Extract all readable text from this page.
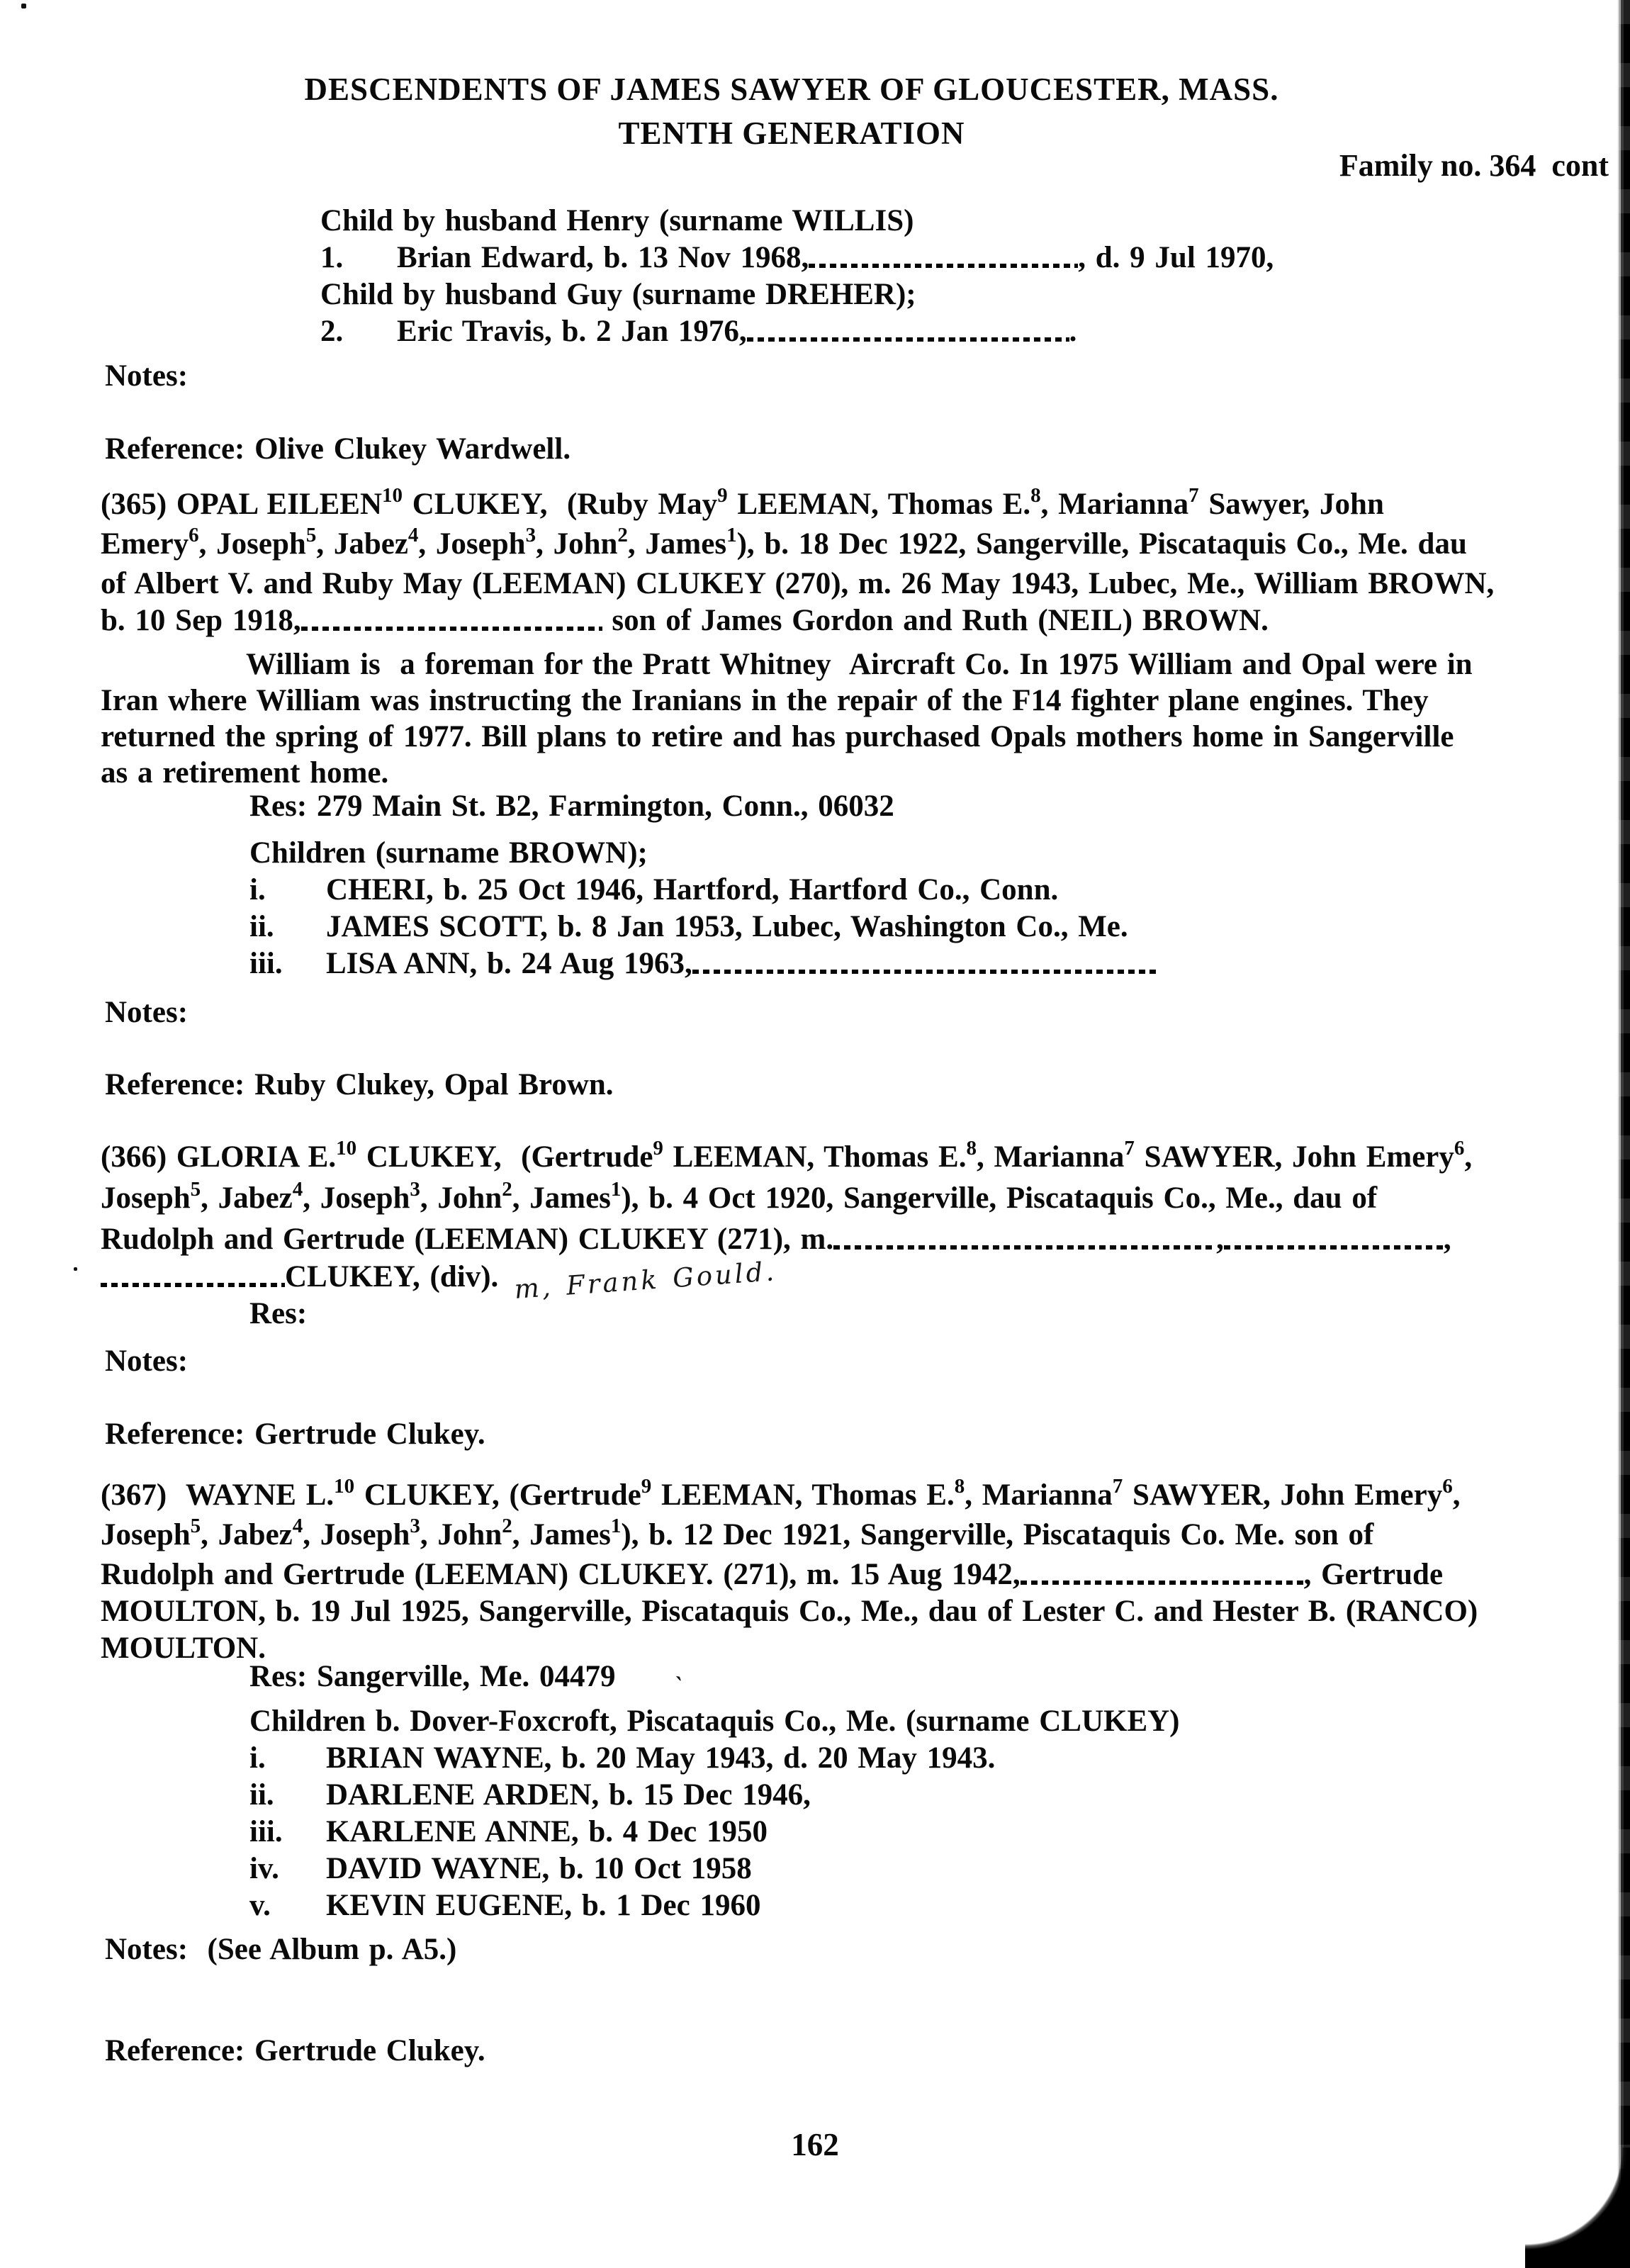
DESCENDENTS OF JAMES SAWYER OF GLOUCESTER, MASS.
TENTH GENERATION
Family no. 364  cont
Child by husband Henry (surname WILLIS)
1. Brian Edward, b. 13 Nov 1968,	, d. 9 Jul 1970,
Child by husband Guy (surname DREHER);
2. Eric Travis, b. 2 Jan 1976,	.
Notes:
Reference: Olive Clukey Wardwell.
(365) OPAL EILEEN$^{10}$ CLUKEY,  (Ruby May$^9$ LEEMAN, Thomas E.$^8$, Marianna$^7$ Sawyer, John
Emery$^6$, Joseph$^5$, Jabez$^4$, Joseph$^3$, John$^2$, James$^1$), b. 18 Dec 1922, Sangerville, Piscataquis Co., Me. dau
of Albert V. and Ruby May (LEEMAN) CLUKEY (270), m. 26 May 1943, Lubec, Me., William BROWN,
b. 10 Sep 1918,	son of James Gordon and Ruth (NEIL) BROWN.
William is  a foreman for the Pratt Whitney  Aircraft Co. In 1975 William and Opal were in
Iran where William was instructing the Iranians in the repair of the F14 fighter plane engines. They
returned the spring of 1977. Bill plans to retire and has purchased Opals mothers home in Sangerville
as a retirement home.
Res: 279 Main St. B2, Farmington, Conn., 06032
Children (surname BROWN);
i. CHERI, b. 25 Oct 1946, Hartford, Hartford Co., Conn.
ii. JAMES SCOTT, b. 8 Jan 1953, Lubec, Washington Co., Me.
iii. LISA ANN, b. 24 Aug 1963,
Notes:
Reference: Ruby Clukey, Opal Brown.
(366) GLORIA E.$^{10}$ CLUKEY,  (Gertrude$^9$ LEEMAN, Thomas E.$^8$, Marianna$^7$ SAWYER, John Emery$^6$,
Joseph$^5$, Jabez$^4$, Joseph$^3$, John$^2$, James$^1$), b. 4 Oct 1920, Sangerville, Piscataquis Co., Me., dau of
Rudolph and Gertrude (LEEMAN) CLUKEY (271), m.	,	,
CLUKEY, (div). m, Frank Gould.
Res:
Notes:
Reference: Gertrude Clukey.
(367)  WAYNE L.$^{10}$ CLUKEY, (Gertrude$^9$ LEEMAN, Thomas E.$^8$, Marianna$^7$ SAWYER, John Emery$^6$,
Joseph$^5$, Jabez$^4$, Joseph$^3$, John$^2$, James$^1$), b. 12 Dec 1921, Sangerville, Piscataquis Co. Me. son of
Rudolph and Gertrude (LEEMAN) CLUKEY. (271), m. 15 Aug 1942,	, Gertrude
MOULTON, b. 19 Jul 1925, Sangerville, Piscataquis Co., Me., dau of Lester C. and Hester B. (RANCO)
MOULTON.
Res: Sangerville, Me. 04479
Children b. Dover-Foxcroft, Piscataquis Co., Me. (surname CLUKEY)
i. BRIAN WAYNE, b. 20 May 1943, d. 20 May 1943.
ii. DARLENE ARDEN, b. 15 Dec 1946,
iii. KARLENE ANNE, b. 4 Dec 1950
iv. DAVID WAYNE, b. 10 Oct 1958
v. KEVIN EUGENE, b. 1 Dec 1960
Notes:  (See Album p. A5.)
Reference: Gertrude Clukey.
162
`
